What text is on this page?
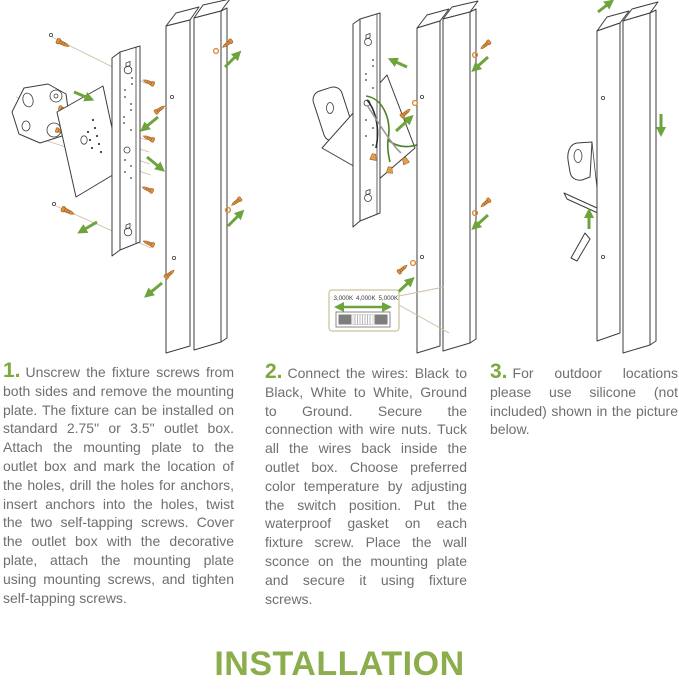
3,000K 4,000K 5,000K

1. Unscrew the fixture screws from both sides and remove the mounting plate. The fixture can be installed on standard 2.75" or 3.5" outlet box. Attach the mounting plate to the outlet box and mark the location of the holes, drill the holes for anchors, insert anchors into the holes, twist the two self-tapping screws. Cover the outlet box with the decorative plate, attach the mounting plate using mounting screws, and tighten self-tapping screws.

2. Connect the wires: Black to Black, White to White, Ground to Ground. Secure the connection with wire nuts. Tuck all the wires back inside the outlet box. Choose preferred color temperature by adjusting the switch position. Put the waterproof gasket on each fixture screw. Place the wall sconce on the mounting plate and secure it using fixture screws.

3. For outdoor locations please use silicone (not included) shown in the picture below.

INSTALLATION
